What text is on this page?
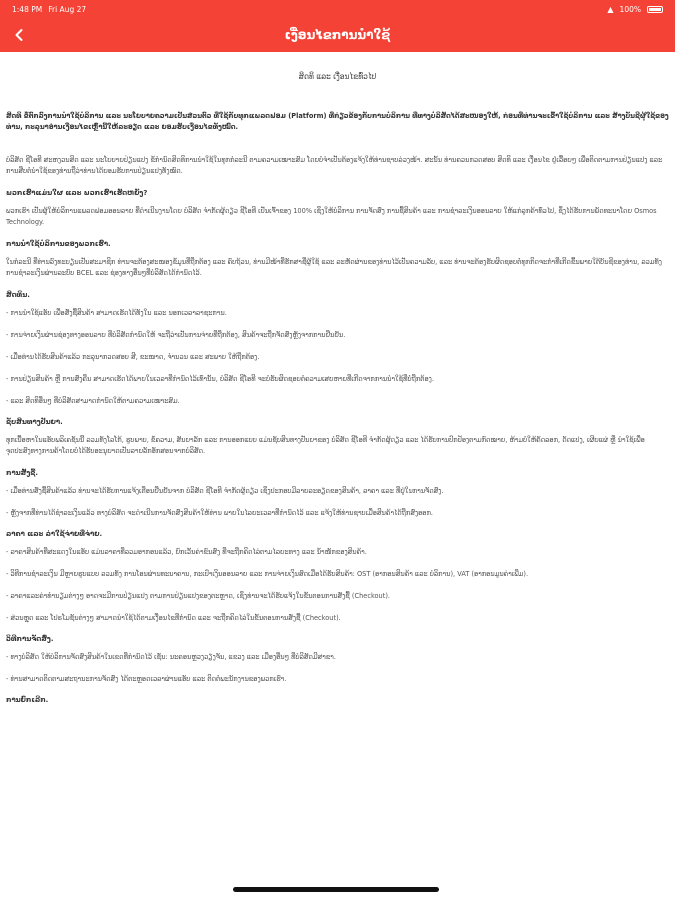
1:48 PM Fri Aug 27	▲ 100%
ເງື່ອນໄຂການນຳໃຊ້
ສິດທິ ແລະ ເງື່ອນໄຂທົ່ວໄປ

ສິດທິ ຂໍ້ຕົກລົງການນຳໃຊ້ບໍລິການ ແລະ ນະໂຍບາຍຄວາມເປັນສ່ວນຕົວ ທີ່ໃຊ້ກັບທຸກແພລດຟອມ (Platform) ທີ່ກ່ຽວຂ້ອງກັບການບໍລິການ ທີ່ທາງບໍລິສັດໄດ້ສະໜອງໃຫ້, ກ່ອນທີ່ທ່ານຈະເຂົ້າໃຊ້ບໍລິການ ແລະ ສ້າງບັນຊີຜູ້ໃຊ້ຂອງທ່ານ, ກະລຸນາອ່ານເງື່ອນໄຂເຫຼົ່ານີ້ໃຫ້ລະອຽດ ແລະ ຍອມຮັບເງື່ອນໄຂທັງໝົດ.

ບໍລິສັດ ຊີໂອທີ ສະຫງວນສິດ ແລະ ນະໂຍບາຍປ່ຽນແປງ ຂໍ້ກຳນົດສິດທິການນຳໃຊ້ໃນທຸກກໍລະນີ ຕາມຄວາມເໝາະສົມ ໂດຍບໍ່ຈຳເປັນຕ້ອງແຈ້ງໃຫ້ທ່ານຊາບລ່ວງໜ້າ. ສະນັ້ນ ທ່ານຄວນກວດສອບ ສິດທິ ແລະ ເງື່ອນໄຂ ຢູ່ເລື້ອຍໆ ເພື່ອຕິດຕາມການປ່ຽນແປງ ແລະ ການສືບຕໍ່ນຳໃຊ້ຂອງທ່ານຖືວ່າທ່ານໄດ້ຍອມຮັບການປ່ຽນແປງທັງໝົດ.

ພວກເຮົາແມ່ນໃຜ ແລະ ພວກເຮົາເຮັດຫຍັງ?

ພວກເຮົາ ເປັນຜູ້ໃຫ້ບໍລິການແພລດຟອມອອນລາຍ ທີ່ດຳເນີນງານໂດຍ ບໍລິສັດ ຈຳກັດຜູ້ດຽວ ຊີໂອທີ ເປັນເຈົ້າຂອງ 100% ເຊິ່ງໃຫ້ບໍລິການ ການຈັດສົ່ງ ການຊື້ສິນຄ້າ ແລະ ການຊຳລະເງິນອອນລາຍ ໃຫ້ແກ່ລູກຄ້າທົ່ວໄປ, ຊຶ່ງໄດ້ຮັບການພັດທະນາໂດຍ Osmos Technology.

ການນຳໃຊ້ບໍລິການຂອງພວກເຮົາ.

ໃນກໍລະນີ ທີ່ທ່ານລົງທະບຽນເປັນສະມາຊິກ ທ່ານຈະຕ້ອງສະໜອງຂໍ້ມູນທີ່ຖືກຕ້ອງ ແລະ ຄົບຖ້ວນ, ທ່ານມີໜ້າທີ່ຮັກສາຊື່ຜູ້ໃຊ້ ແລະ ລະຫັດຜ່ານຂອງທ່ານໄວ້ເປັນຄວາມລັບ, ແລະ ທ່ານຈະຕ້ອງຮັບຜິດຊອບຕໍ່ທຸກກິດຈະກຳທີ່ເກີດຂຶ້ນພາຍໃຕ້ບັນຊີຂອງທ່ານ, ລວມທັງການຊຳລະເງິນຜ່ານລະບົບ BCEL ແລະ ຊ່ອງທາງອື່ນໆທີ່ບໍລິສັດໄດ້ກຳນົດໄວ້.

ສິດທິນ.

- ການນຳໃຊ້ແອັບ ເພື່ອສັ່ງຊື້ສິນຄ້າ ສາມາດເຮັດໄດ້ທັງໃນ ແລະ ນອກເວລາລາຊະການ.

- ການຈ່າຍເງິນຜ່ານຊ່ອງທາງອອນລາຍ ທີ່ບໍລິສັດກຳນົດໃຫ້ ຈະຖືວ່າເປັນການຈ່າຍທີ່ຖືກຕ້ອງ, ສິນຄ້າຈະຖືກຈັດສົ່ງຫຼັງຈາກການຢືນຢັນ.

- ເມື່ອທ່ານໄດ້ຮັບສິນຄ້າແລ້ວ ກະລຸນາກວດສອບ ສີ, ຂະໜາດ, ຈຳນວນ ແລະ ສະພາບ ໃຫ້ຖືກຕ້ອງ.

- ການປ່ຽນສິນຄ້າ ຫຼື ການສົ່ງຄືນ ສາມາດເຮັດໄດ້ພາຍໃນເວລາທີ່ກຳນົດໄວ້ເທົ່ານັ້ນ, ບໍລິສັດ ຊີໂອທີ ຈະບໍ່ຮັບຜິດຊອບຕໍ່ຄວາມເສຍຫາຍທີ່ເກີດຈາກການນຳໃຊ້ທີ່ບໍ່ຖືກຕ້ອງ.

- ແລະ ສິດທິອື່ນໆ ທີ່ບໍລິສັດສາມາດກຳນົດໃຫ້ຕາມຄວາມເໝາະສົມ.

ຊັບສິນທາງປັນຍາ.

ທຸກເນື້ອຫາໃນແອັບພລິເຄຊັນນີ້ ລວມທັງໂລໂກ້, ຮູບພາບ, ຂໍ້ຄວາມ, ສັນຍາລັກ ແລະ ການອອກແບບ ແມ່ນຊັບສິນທາງປັນຍາຂອງ ບໍລິສັດ ຊີໂອທີ ຈຳກັດຜູ້ດຽວ ແລະ ໄດ້ຮັບການປົກປ້ອງຕາມກົດໝາຍ, ຫ້າມບໍ່ໃຫ້ຄັດລອກ, ດັດແປງ, ເຜີຍແຜ່ ຫຼື ນຳໃຊ້ເພື່ອຈຸດປະສົງທາງການຄ້າໂດຍບໍ່ໄດ້ຮັບອະນຸຍາດເປັນລາຍລັກອັກສອນຈາກບໍລິສັດ.

ການສັ່ງຊື້.

- ເມື່ອທ່ານສັ່ງຊື້ສິນຄ້າແລ້ວ ທ່ານຈະໄດ້ຮັບການແຈ້ງເຕືອນຢືນຢັນຈາກ ບໍລິສັດ ຊີໂອທີ ຈຳກັດຜູ້ດຽວ ເຊິ່ງປະກອບມີລາຍລະອຽດຂອງສິນຄ້າ, ລາຄາ ແລະ ທີ່ຢູ່ໃນການຈັດສົ່ງ.

- ຫຼັງຈາກທີ່ທ່ານໄດ້ຊຳລະເງິນແລ້ວ ທາງບໍລິສັດ ຈະດຳເນີນການຈັດສົ່ງສິນຄ້າໃຫ້ທ່ານ ພາຍໃນໄລຍະເວລາທີ່ກຳນົດໄວ້ ແລະ ແຈ້ງໃຫ້ທ່ານຊາບເມື່ອສິນຄ້າໄດ້ຖືກສົ່ງອອກ.

ລາຄາ ແລະ ລ່າໃຊ້ຈ່າຍທີ່ຈ່າຍ.

- ລາຄາສິນຄ້າທີ່ສະແດງໃນແອັບ ແມ່ນລາຄາທີ່ລວມອາກອນແລ້ວ, ຍົກເວັ້ນຄ່າຂົນສົ່ງ ທີ່ຈະຖືກຄິດໄລ່ຕາມໄລຍະທາງ ແລະ ນ້ຳໜັກຂອງສິນຄ້າ.

- ວິທີການຊຳລະເງິນ ມີຫຼາຍຮູບແບບ ລວມທັງ ການໂອນຜ່ານທະນາຄານ, ກະເປົາເງິນອອນລາຍ ແລະ ການຈ່າຍເງິນສົດເມື່ອໄດ້ຮັບສິນຄ້າ: OST (ອາກອນສິນຄ້າ ແລະ ບໍລິການ), VAT (ອາກອນມູນຄ່າເພີ່ມ).

- ລາຄາແລະຄ່າທຳນຽມຕ່າງໆ ອາດຈະມີການປ່ຽນແປງ ຕາມການປ່ຽນແປງຂອງຕະຫຼາດ, ເຊິ່ງທ່ານຈະໄດ້ຮັບແຈ້ງໃນຂັ້ນຕອນການສັ່ງຊື້ (Checkout).

- ສ່ວນຫຼຸດ ແລະ ໂປຣໂມຊັນຕ່າງໆ ສາມາດນຳໃຊ້ໄດ້ຕາມເງື່ອນໄຂທີ່ກຳນົດ ແລະ ຈະຖືກຄິດໄລ່ໃນຂັ້ນຕອນການສັ່ງຊື້ (Checkout).

ວິທີການຈັດສົ່ງ.

- ທາງບໍລິສັດ ໃຫ້ບໍລິການຈັດສົ່ງສິນຄ້າໃນເຂດທີ່ກຳນົດໄວ້ ເຊັ່ນ: ນະຄອນຫຼວງວຽງຈັນ, ແຂວງ ແລະ ເມືອງອື່ນໆ ທີ່ບໍລິສັດມີສາຂາ.

- ທ່ານສາມາດຕິດຕາມສະຖານະການຈັດສົ່ງ ໄດ້ຕະຫຼອດເວລາຜ່ານແອັບ ແລະ ຕິດຕໍ່ພະນັກງານຂອງພວກເຮົາ.

ການຍົກເລີກ.
